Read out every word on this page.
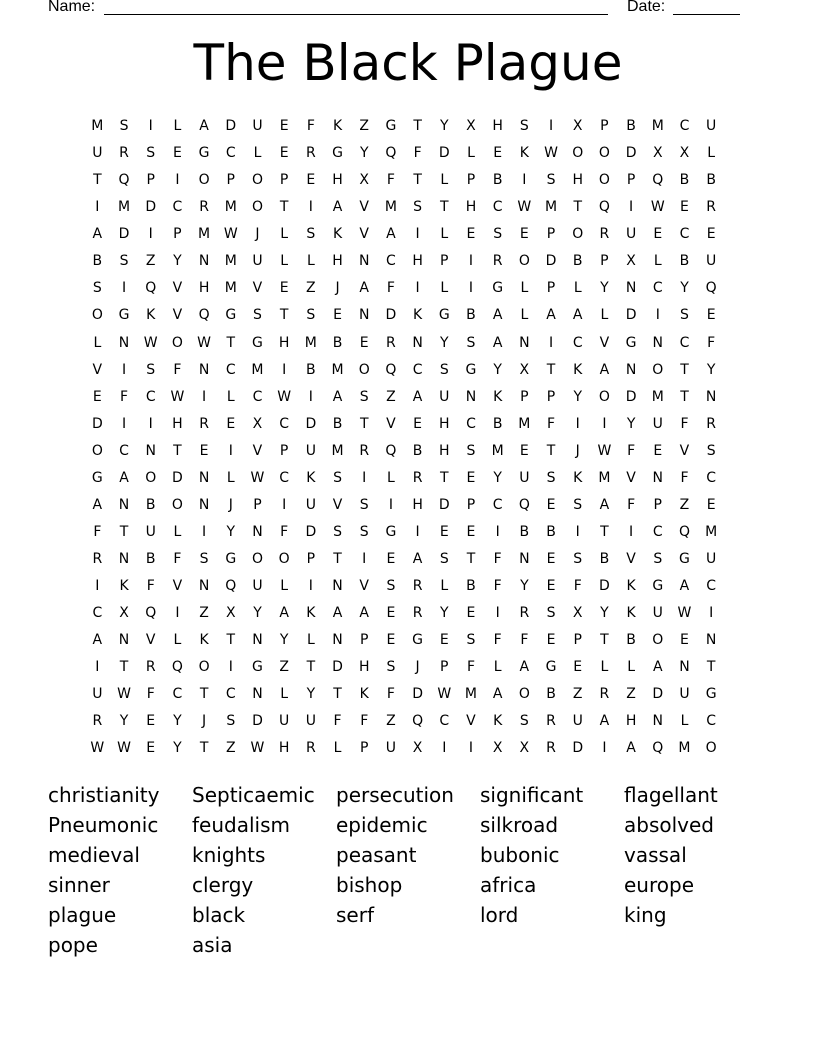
Name:	Date:
The Black Plague
M	S	I	L	A	D	U	E	F	K	Z	G	T	Y	X	H	S	I	X	P	B	M	C	U
U	R	S	E	G	C	L	E	R	G	Y	Q	F	D	L	E	K	W	O	O	D	X	X	L
T	Q	P	I	O	P	O	P	E	H	X	F	T	L	P	B	I	S	H	O	P	Q	B	B
I	M	D	C	R	M	O	T	I	A	V	M	S	T	H	C	W M	T	Q	I	W	E	R
A	D	I	P	M W	J	L	S	K	V	A	I	L	E	S	E	P	O	R	U	E	C	E
B	S	Z	Y	N	M	U	L	L	H	N	C	H	P	I	R	O	D	B	P	X	L	B	U
S	I	Q	V	H	M	V	E	Z	J	A	F	I	L	I	G	L	P	L	Y	N	C	Y	Q
O	G	K	V	Q	G	S	T	S	E	N	D	K	G	B	A	L	A	A	L	D	I	S	E
L	N	W	O	W	T	G	H	M	B	E	R	N	Y	S	A	N	I	C	V	G	N	C	F
V	I	S	F	N	C	M	I	B	M	O	Q	C	S	G	Y	X	T	K	A	N	O	T	Y
E	F	C	W	I	L	C	W	I	A	S	Z	A	U	N	K	P	P	Y	O	D	M	T	N
D	I	I	H	R	E	X	C	D	B	T	V	E	H	C	B	M	F	I	I	Y	U	F	R
O	C	N	T	E	I	V	P	U	M	R	Q	B	H	S	M	E	T	J	W	F	E	V	S
G	A	O	D	N	L	W	C	K	S	I	L	R	T	E	Y	U	S	K	M	V	N	F	C
A	N	B	O	N	J	P	I	U	V	S	I	H	D	P	C	Q	E	S	A	F	P	Z	E
F	T	U	L	I	Y	N	F	D	S	S	G	I	E	E	I	B	B	I	T	I	C	Q	M
R	N	B	F	S	G	O	O	P	T	I	E	A	S	T	F	N	E	S	B	V	S	G	U
I	K	F	V	N	Q	U	L	I	N	V	S	R	L	B	F	Y	E	F	D	K	G	A	C
C	X	Q	I	Z	X	Y	A	K	A	A	E	R	Y	E	I	R	S	X	Y	K	U	W	I
A	N	V	L	K	T	N	Y	L	N	P	E	G	E	S	F	F	E	P	T	B	O	E	N
I	T	R	Q	O	I	G	Z	T	D	H	S	J	P	F	L	A	G	E	L	L	A	N	T
U	W	F	C	T	C	N	L	Y	T	K	F	D	W M	A	O	B	Z	R	Z	D	U	G
R	Y	E	Y	J	S	D	U	U	F	F	Z	Q	C	V	K	S	R	U	A	H	N	L	C
W W	E	Y	T	Z	W	H	R	L	P	U	X	I	I	X	X	R	D	I	A	Q	M	O
christianity	Septicaemic	persecution	significant	flagellant
Pneumonic	feudalism	epidemic	silkroad	absolved
medieval	knights	peasant	bubonic	vassal
sinner	clergy	bishop	africa	europe
plague	black	serf	lord	king
pope	asia
